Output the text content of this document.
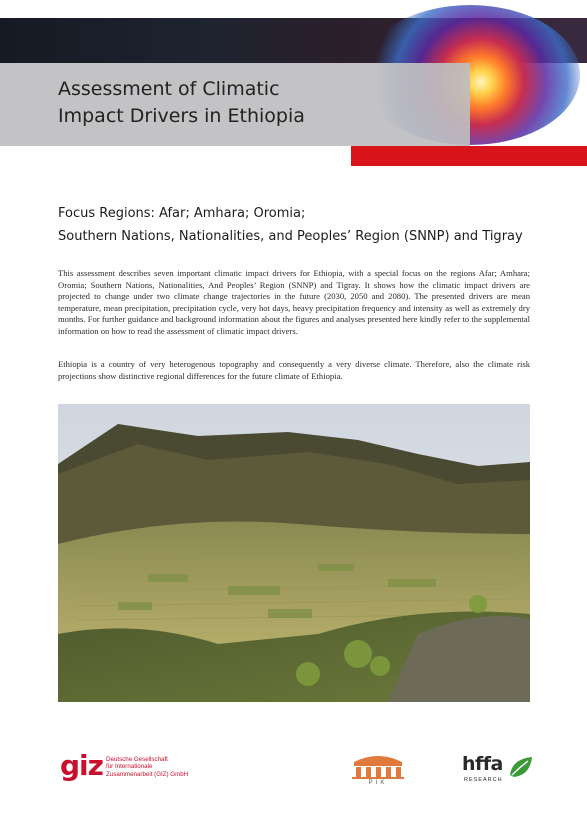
Assessment of Climatic
Impact Drivers in Ethiopia
Focus Regions: Afar; Amhara; Oromia;
Southern Nations, Nationalities, and Peoples’ Region (SNNP) and Tigray

This assessment describes seven important climatic impact drivers for Ethiopia, with a special focus on the regions Afar; Amhara; Oromia; Southern Nations, Nationalities, And Peoples’ Region (SNNP) and Tigray. It shows how the climatic impact drivers are projected to change under two climate change trajectories in the future (2030, 2050 and 2080). The presented drivers are mean temperature, mean precipitation, precipitation cycle, very hot days, heavy precipitation frequency and intensity as well as extremely dry months. For further guidance and background information about the figures and analyses presented here kindly refer to the supplemental information on how to read the assessment of climatic impact drivers.

Ethiopia is a country of very heterogenous topography and consequently a very diverse climate. Therefore, also the climate risk projections show distinctive regional differences for the future climate of Ethiopia.

giz Deutsche Gesellschaft
für Internationale
Zusammenarbeit (GIZ) GmbH
PIK
hffa
RESEARCH
